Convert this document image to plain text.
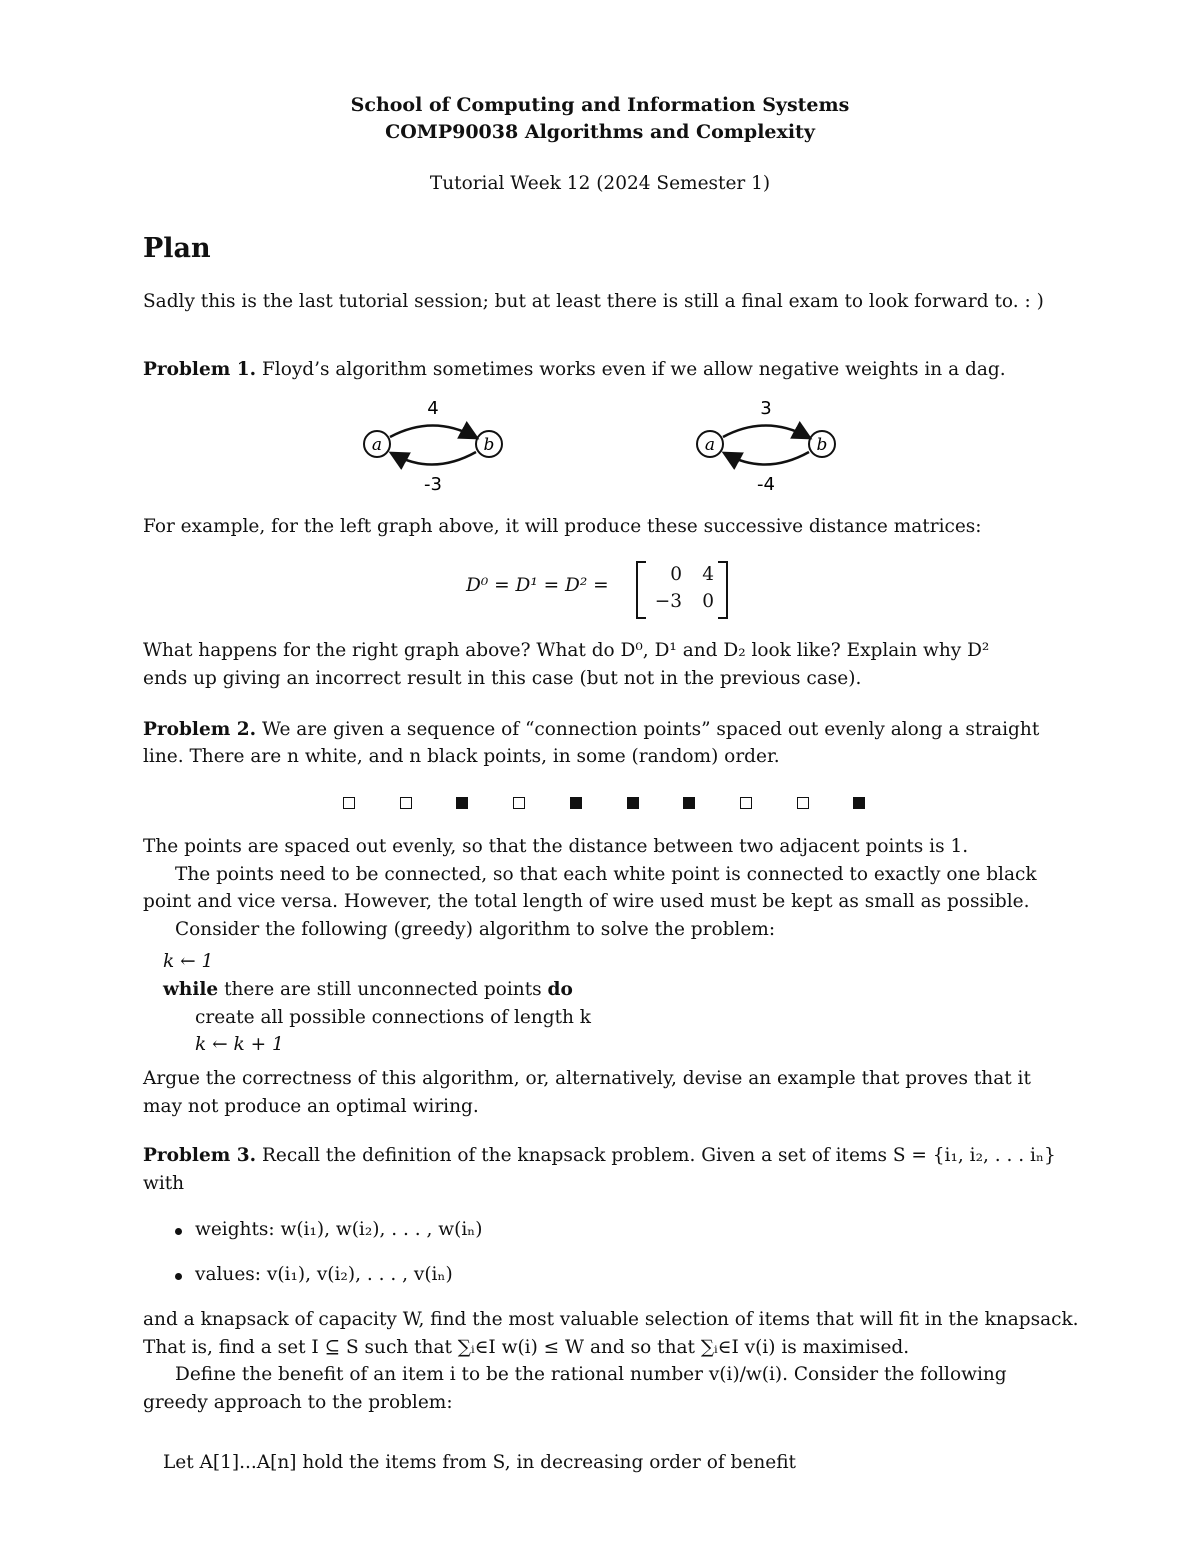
School of Computing and Information Systems
COMP90038 Algorithms and Complexity
Tutorial Week 12 (2024 Semester 1)
Plan
Sadly this is the last tutorial session; but at least there is still a final exam to look forward to. : )
Problem 1. Floyd’s algorithm sometimes works even if we allow negative weights in a dag.
a	b
4
-3
a	b
3
-4
For example, for the left graph above, it will produce these successive distance matrices:
D⁰ = D¹ = D² =
0 4
−3 0
What happens for the right graph above? What do D⁰, D¹ and D₂ look like? Explain why D²
ends up giving an incorrect result in this case (but not in the previous case).
Problem 2. We are given a sequence of “connection points” spaced out evenly along a straight
line. There are n white, and n black points, in some (random) order.
The points are spaced out evenly, so that the distance between two adjacent points is 1.
The points need to be connected, so that each white point is connected to exactly one black
point and vice versa. However, the total length of wire used must be kept as small as possible.
Consider the following (greedy) algorithm to solve the problem:
k ← 1
while there are still unconnected points do
create all possible connections of length k
k ← k + 1
Argue the correctness of this algorithm, or, alternatively, devise an example that proves that it
may not produce an optimal wiring.
Problem 3. Recall the definition of the knapsack problem. Given a set of items S = {i₁, i₂, . . . iₙ}
with
weights: w(i₁), w(i₂), . . . , w(iₙ)
values: v(i₁), v(i₂), . . . , v(iₙ)
and a knapsack of capacity W, find the most valuable selection of items that will fit in the knapsack.
That is, find a set I ⊆ S such that ∑ᵢ∈I w(i) ≤ W and so that ∑ᵢ∈I v(i) is maximised.
Define the benefit of an item i to be the rational number v(i)/w(i). Consider the following
greedy approach to the problem:
Let A[1]...A[n] hold the items from S, in decreasing order of benefit
